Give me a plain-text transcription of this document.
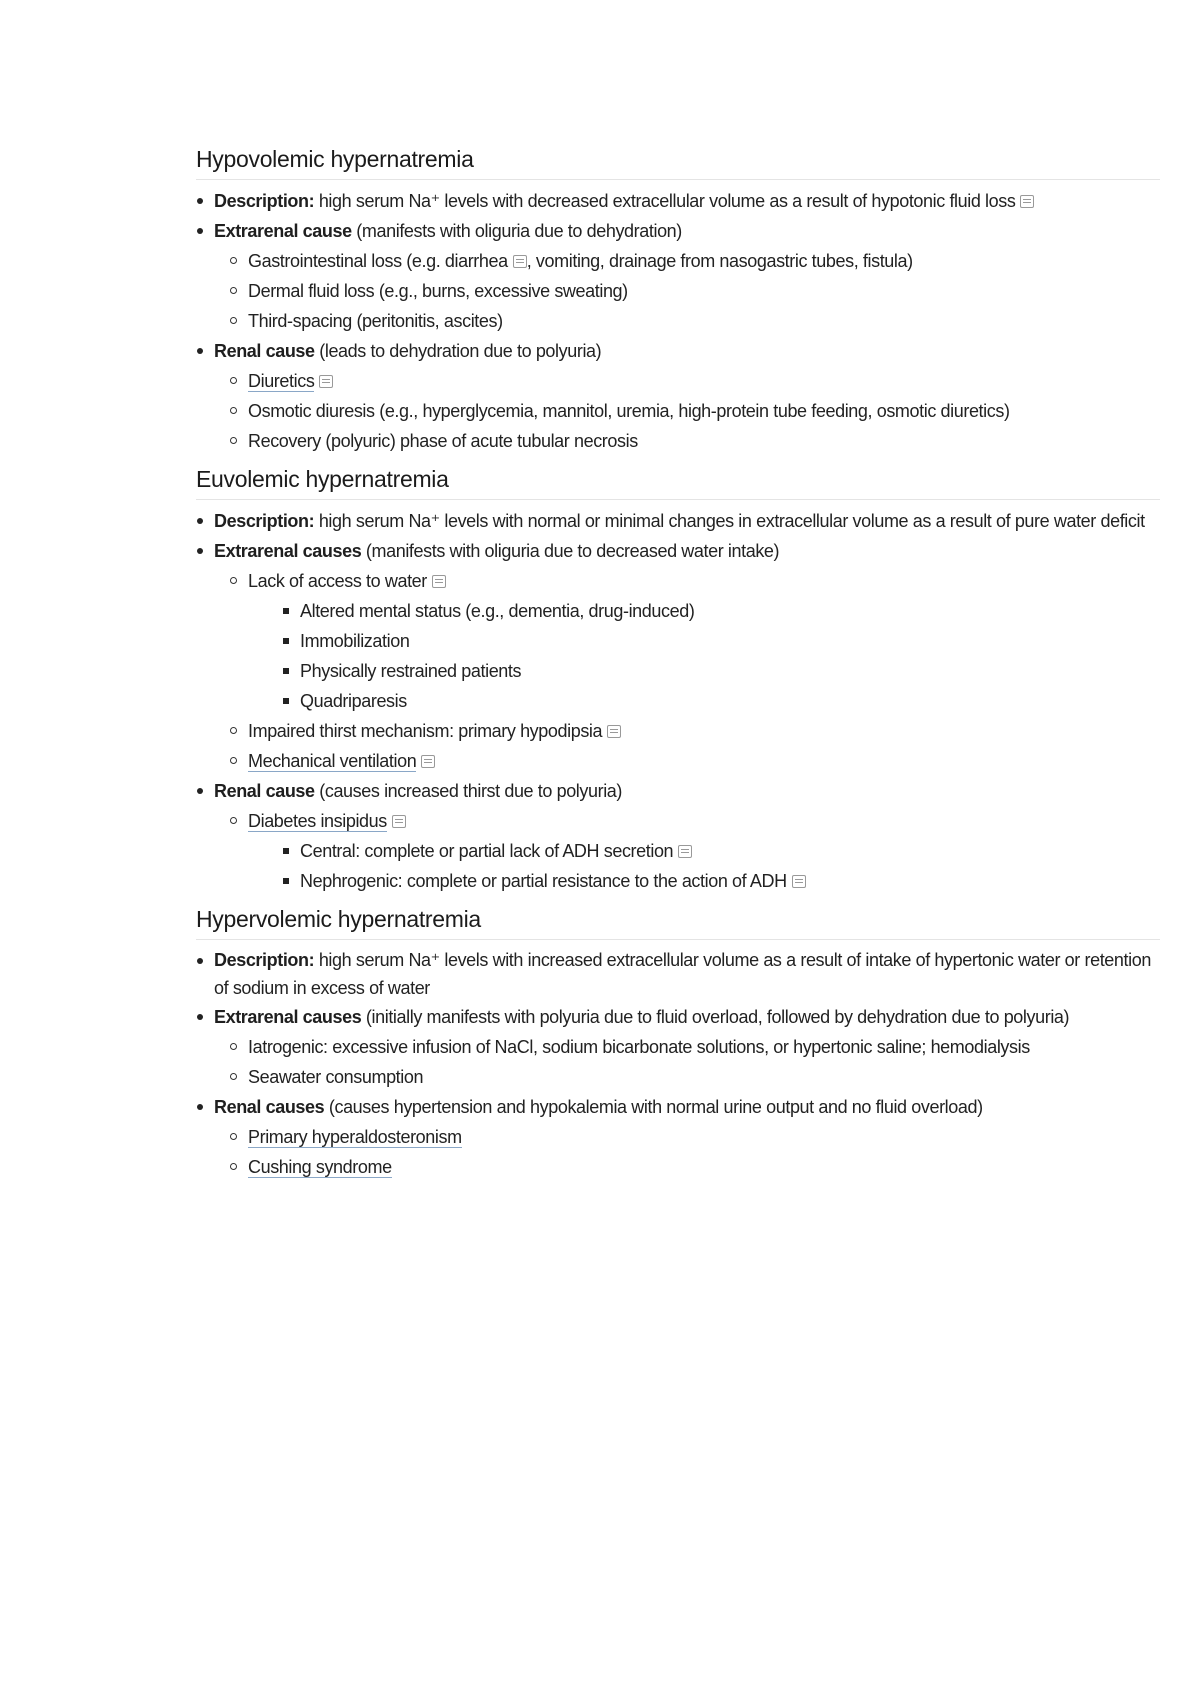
Hypovolemic hypernatremia
Description: high serum Na⁺ levels with decreased extracellular volume as a result of hypotonic fluid loss
Extrarenal cause (manifests with oliguria due to dehydration)
Gastrointestinal loss (e.g. diarrhea , vomiting, drainage from nasogastric tubes, fistula)
Dermal fluid loss (e.g., burns, excessive sweating)
Third-spacing (peritonitis, ascites)
Renal cause (leads to dehydration due to polyuria)
Diuretics
Osmotic diuresis (e.g., hyperglycemia, mannitol, uremia, high-protein tube feeding, osmotic diuretics)
Recovery (polyuric) phase of acute tubular necrosis
Euvolemic hypernatremia
Description: high serum Na⁺ levels with normal or minimal changes in extracellular volume as a result of pure water deficit
Extrarenal causes (manifests with oliguria due to decreased water intake)
Lack of access to water
Altered mental status (e.g., dementia, drug-induced)
Immobilization
Physically restrained patients
Quadriparesis
Impaired thirst mechanism: primary hypodipsia
Mechanical ventilation
Renal cause (causes increased thirst due to polyuria)
Diabetes insipidus
Central: complete or partial lack of ADH secretion
Nephrogenic: complete or partial resistance to the action of ADH
Hypervolemic hypernatremia
Description: high serum Na⁺ levels with increased extracellular volume as a result of intake of hypertonic water or retention of sodium in excess of water
Extrarenal causes (initially manifests with polyuria due to fluid overload, followed by dehydration due to polyuria)
Iatrogenic: excessive infusion of NaCl, sodium bicarbonate solutions, or hypertonic saline; hemodialysis
Seawater consumption
Renal causes (causes hypertension and hypokalemia with normal urine output and no fluid overload)
Primary hyperaldosteronism
Cushing syndrome
